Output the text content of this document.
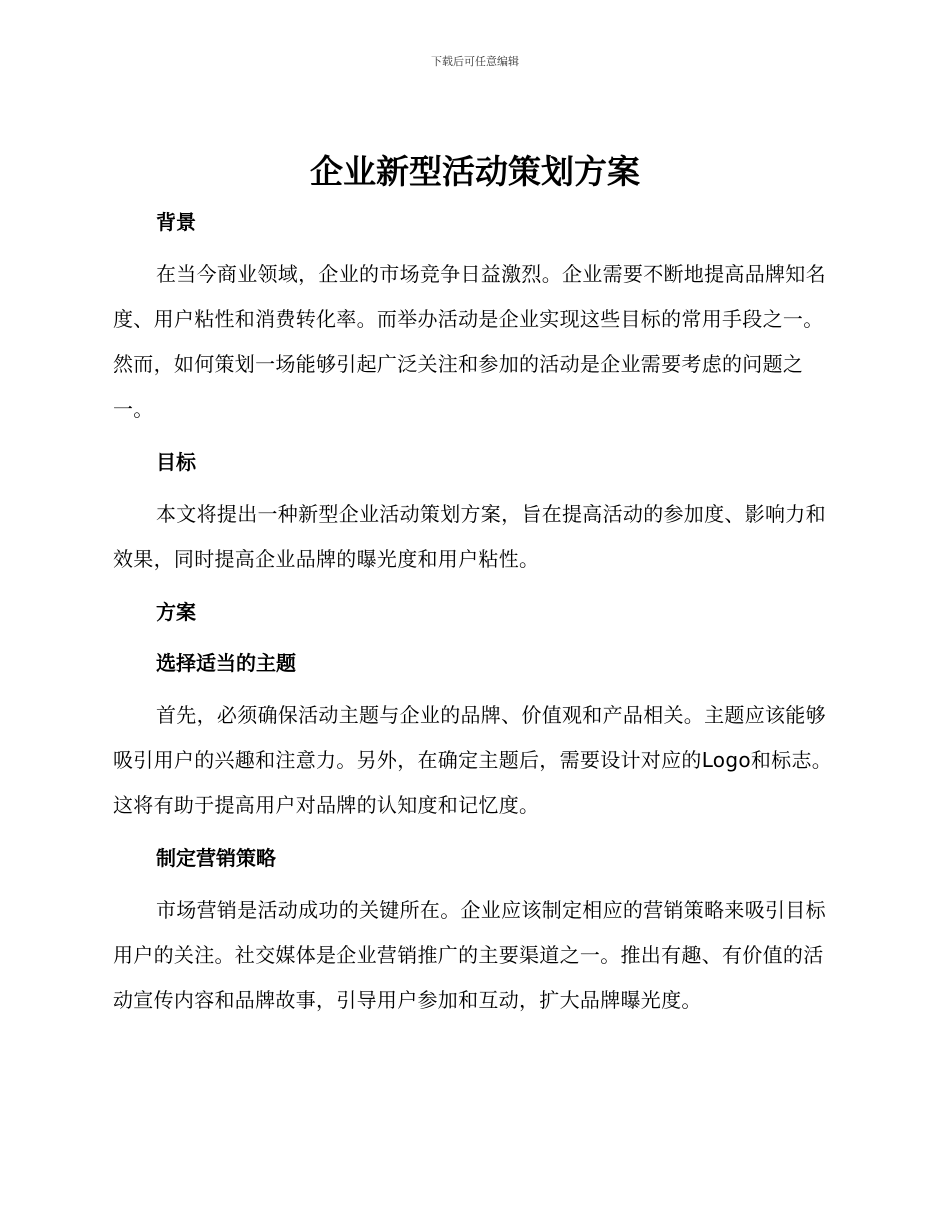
下载后可任意编辑
企业新型活动策划方案

背景

在当今商业领域，企业的市场竞争日益激烈。企业需要不断地提高品牌知名度、用户粘性和消费转化率。而举办活动是企业实现这些目标的常用手段之一。然而，如何策划一场能够引起广泛关注和参加的活动是企业需要考虑的问题之一。

目标

本文将提出一种新型企业活动策划方案，旨在提高活动的参加度、影响力和效果，同时提高企业品牌的曝光度和用户粘性。

方案

选择适当的主题

首先，必须确保活动主题与企业的品牌、价值观和产品相关。主题应该能够吸引用户的兴趣和注意力。另外，在确定主题后，需要设计对应的Logo和标志。这将有助于提高用户对品牌的认知度和记忆度。

制定营销策略

市场营销是活动成功的关键所在。企业应该制定相应的营销策略来吸引目标用户的关注。社交媒体是企业营销推广的主要渠道之一。推出有趣、有价值的活动宣传内容和品牌故事，引导用户参加和互动，扩大品牌曝光度。
